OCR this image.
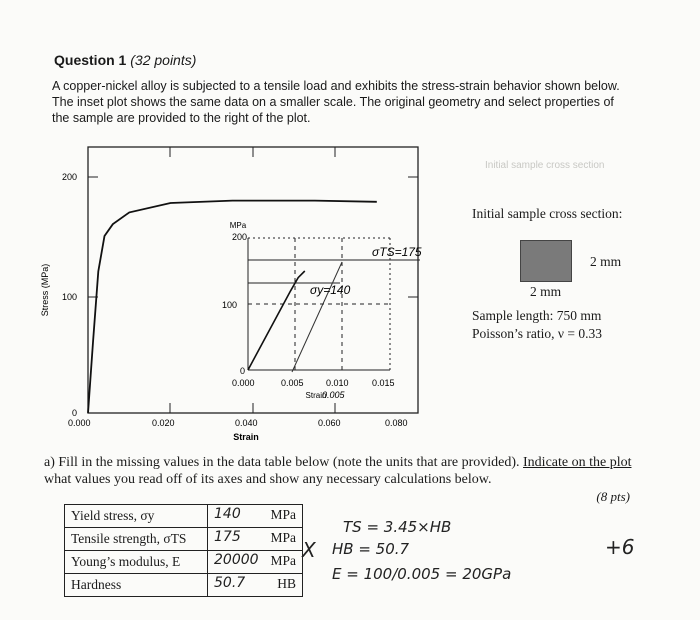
Question 1 (32 points)
A copper-nickel alloy is subjected to a tensile load and exhibits the stress-strain behavior shown below. The inset plot shows the same data on a smaller scale. The original geometry and select properties of the sample are provided to the right of the plot.
Initial sample cross section
Stress (MPa)
Strain
200
100
0
0.000	0.020	0.040	0.060	0.080
MPa
200
100
0
0.000	0.005 0.010	0.015
Strain
σTS=175
σy=140
0.005
Initial sample cross section:
2 mm
2 mm
Sample length: 750 mm
Poisson’s ratio, ν = 0.33
a) Fill in the missing values in the data table below (note the units that are provided). Indicate on the plot what values you read off of its axes and show any necessary calculations below.
(8 pts)
Yield stress, σy	140 MPa

Tensile strength, σTS	175 MPa

Young’s modulus, E	20000 MPa

Hardness	50.7 HB
X
TS = 3.45×HB
HB = 50.7
E = 100/0.005 = 20GPa
+6
